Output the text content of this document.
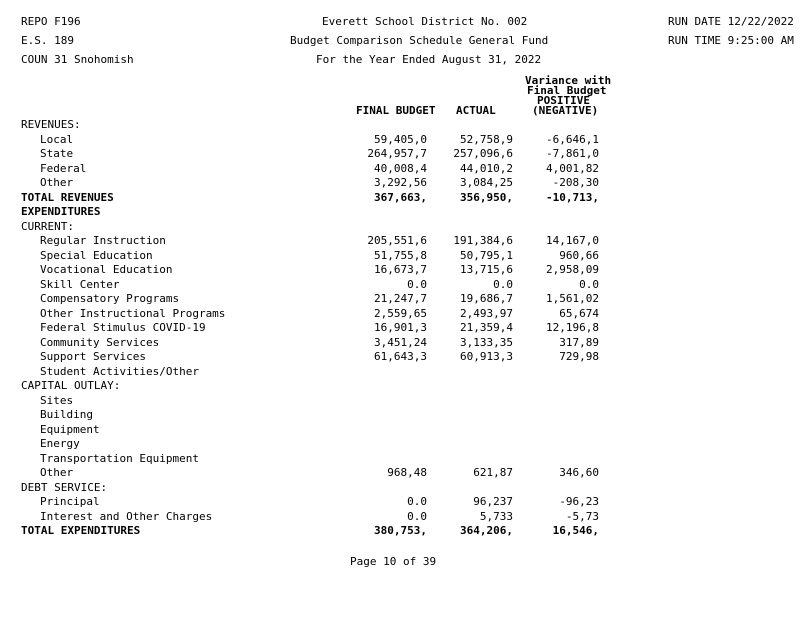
REPO F196	Everett School District No. 002	RUN DATE 12/22/2022
E.S. 189	Budget Comparison Schedule General Fund	RUN TIME 9:25:00 AM
COUN 31 Snohomish	For the Year Ended August 31, 2022
Variance with
Final Budget
POSITIVE
(NEGATIVE)
FINAL BUDGET ACTUAL
REVENUES:
Local	59,405,0	52,758,9	-6,646,1
State	264,957,7	257,096,6	-7,861,0
Federal	40,008,4	44,010,2	4,001,82
Other	3,292,56	3,084,25	-208,30
TOTAL REVENUES	367,663,	356,950,	-10,713,
EXPENDITURES
CURRENT:
Regular Instruction	205,551,6	191,384,6	14,167,0
Special Education	51,755,8	50,795,1	960,66
Vocational Education	16,673,7	13,715,6	2,958,09
Skill Center	0.0	0.0	0.0
Compensatory Programs	21,247,7	19,686,7	1,561,02
Other Instructional Programs	2,559,65	2,493,97	65,674
Federal Stimulus COVID-19	16,901,3	21,359,4	12,196,8
Community Services	3,451,24	3,133,35	317,89
Support Services	61,643,3	60,913,3	729,98
Student Activities/Other
CAPITAL OUTLAY:
Sites
Building
Equipment
Energy
Transportation Equipment
Other	968,48	621,87	346,60
DEBT SERVICE:
Principal	0.0	96,237	-96,23
Interest and Other Charges	0.0	5,733	-5,73
TOTAL EXPENDITURES	380,753,	364,206,	16,546,
Page 10 of 39
